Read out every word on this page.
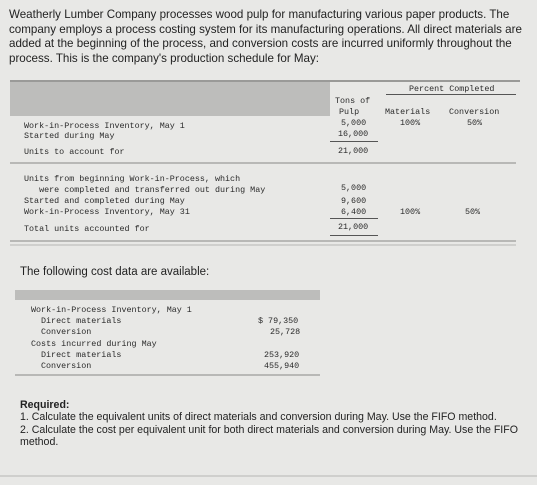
Weatherly Lumber Company processes wood pulp for manufacturing various paper products. The company employs a process costing system for its manufacturing operations. All direct materials are added at the beginning of the process, and conversion costs are incurred uniformly throughout the process. This is the company's production schedule for May:
Percent Completed
Tons of
Pulp	Materials Conversion
Work-in-Process Inventory, May 1	5,000	100%	50%
Started during May	16,000
Units to account for	21,000
Units from beginning Work-in-Process, which
were completed and transferred out during May	5,000
Started and completed during May	9,600
Work-in-Process Inventory, May 31	6,400	100%	50%
Total units accounted for	21,000
The following cost data are available:
Work-in-Process Inventory, May 1
Direct materials	$ 79,350
Conversion	25,728
Costs incurred during May
Direct materials	253,920
Conversion	455,940
Required:
1. Calculate the equivalent units of direct materials and conversion during May. Use the FIFO method.
2. Calculate the cost per equivalent unit for both direct materials and conversion during May. Use the FIFO method.
